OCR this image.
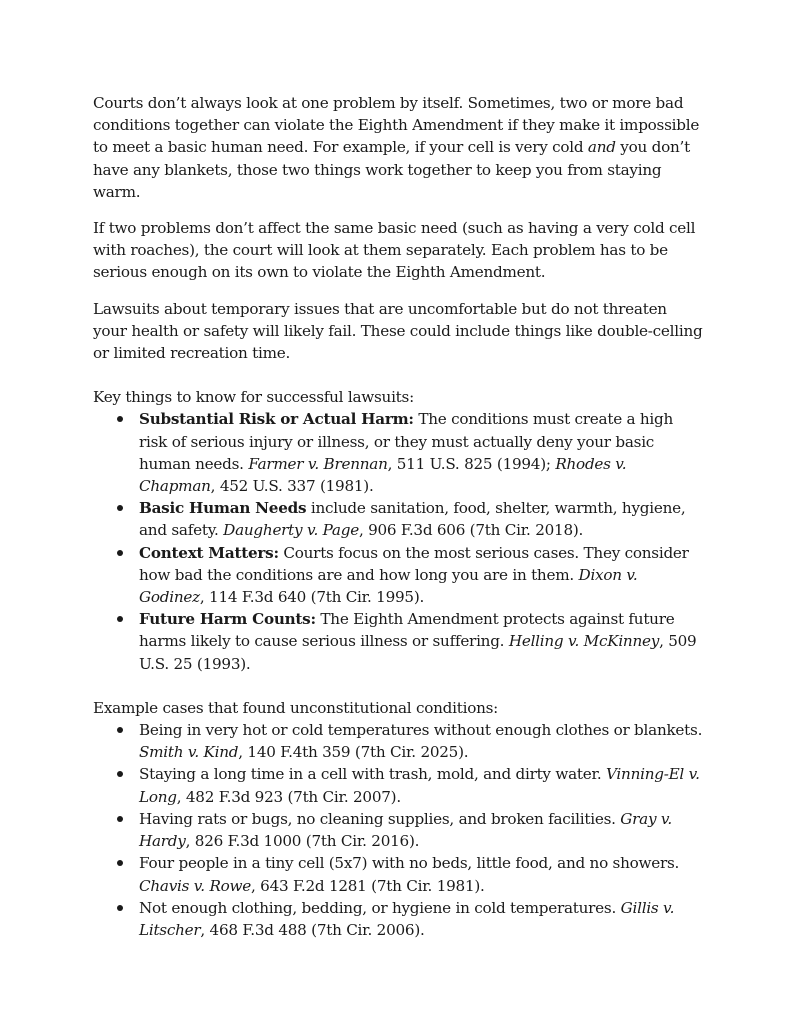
Courts don’t always look at one problem by itself. Sometimes, two or more bad conditions together can violate the Eighth Amendment if they make it impossible to meet a basic human need. For example, if your cell is very cold and you don’t have any blankets, those two things work together to keep you from staying warm.

If two problems don’t affect the same basic need (such as having a very cold cell with roaches), the court will look at them separately. Each problem has to be serious enough on its own to violate the Eighth Amendment.

Lawsuits about temporary issues that are uncomfortable but do not threaten your health or safety will likely fail. These could include things like double-celling or limited recreation time.

Key things to know for successful lawsuits:

Substantial Risk or Actual Harm: The conditions must create a high risk of serious injury or illness, or they must actually deny your basic human needs. Farmer v. Brennan, 511 U.S. 825 (1994); Rhodes v. Chapman, 452 U.S. 337 (1981).
Basic Human Needs include sanitation, food, shelter, warmth, hygiene, and safety. Daugherty v. Page, 906 F.3d 606 (7th Cir. 2018).
Context Matters: Courts focus on the most serious cases. They consider how bad the conditions are and how long you are in them. Dixon v. Godinez, 114 F.3d 640 (7th Cir. 1995).
Future Harm Counts: The Eighth Amendment protects against future harms likely to cause serious illness or suffering. Helling v. McKinney, 509 U.S. 25 (1993).

Example cases that found unconstitutional conditions:

Being in very hot or cold temperatures without enough clothes or blankets. Smith v. Kind, 140 F.4th 359 (7th Cir. 2025).
Staying a long time in a cell with trash, mold, and dirty water. Vinning-El v. Long, 482 F.3d 923 (7th Cir. 2007).
Having rats or bugs, no cleaning supplies, and broken facilities. Gray v. Hardy, 826 F.3d 1000 (7th Cir. 2016).
Four people in a tiny cell (5x7) with no beds, little food, and no showers. Chavis v. Rowe, 643 F.2d 1281 (7th Cir. 1981).
Not enough clothing, bedding, or hygiene in cold temperatures. Gillis v. Litscher, 468 F.3d 488 (7th Cir. 2006).
